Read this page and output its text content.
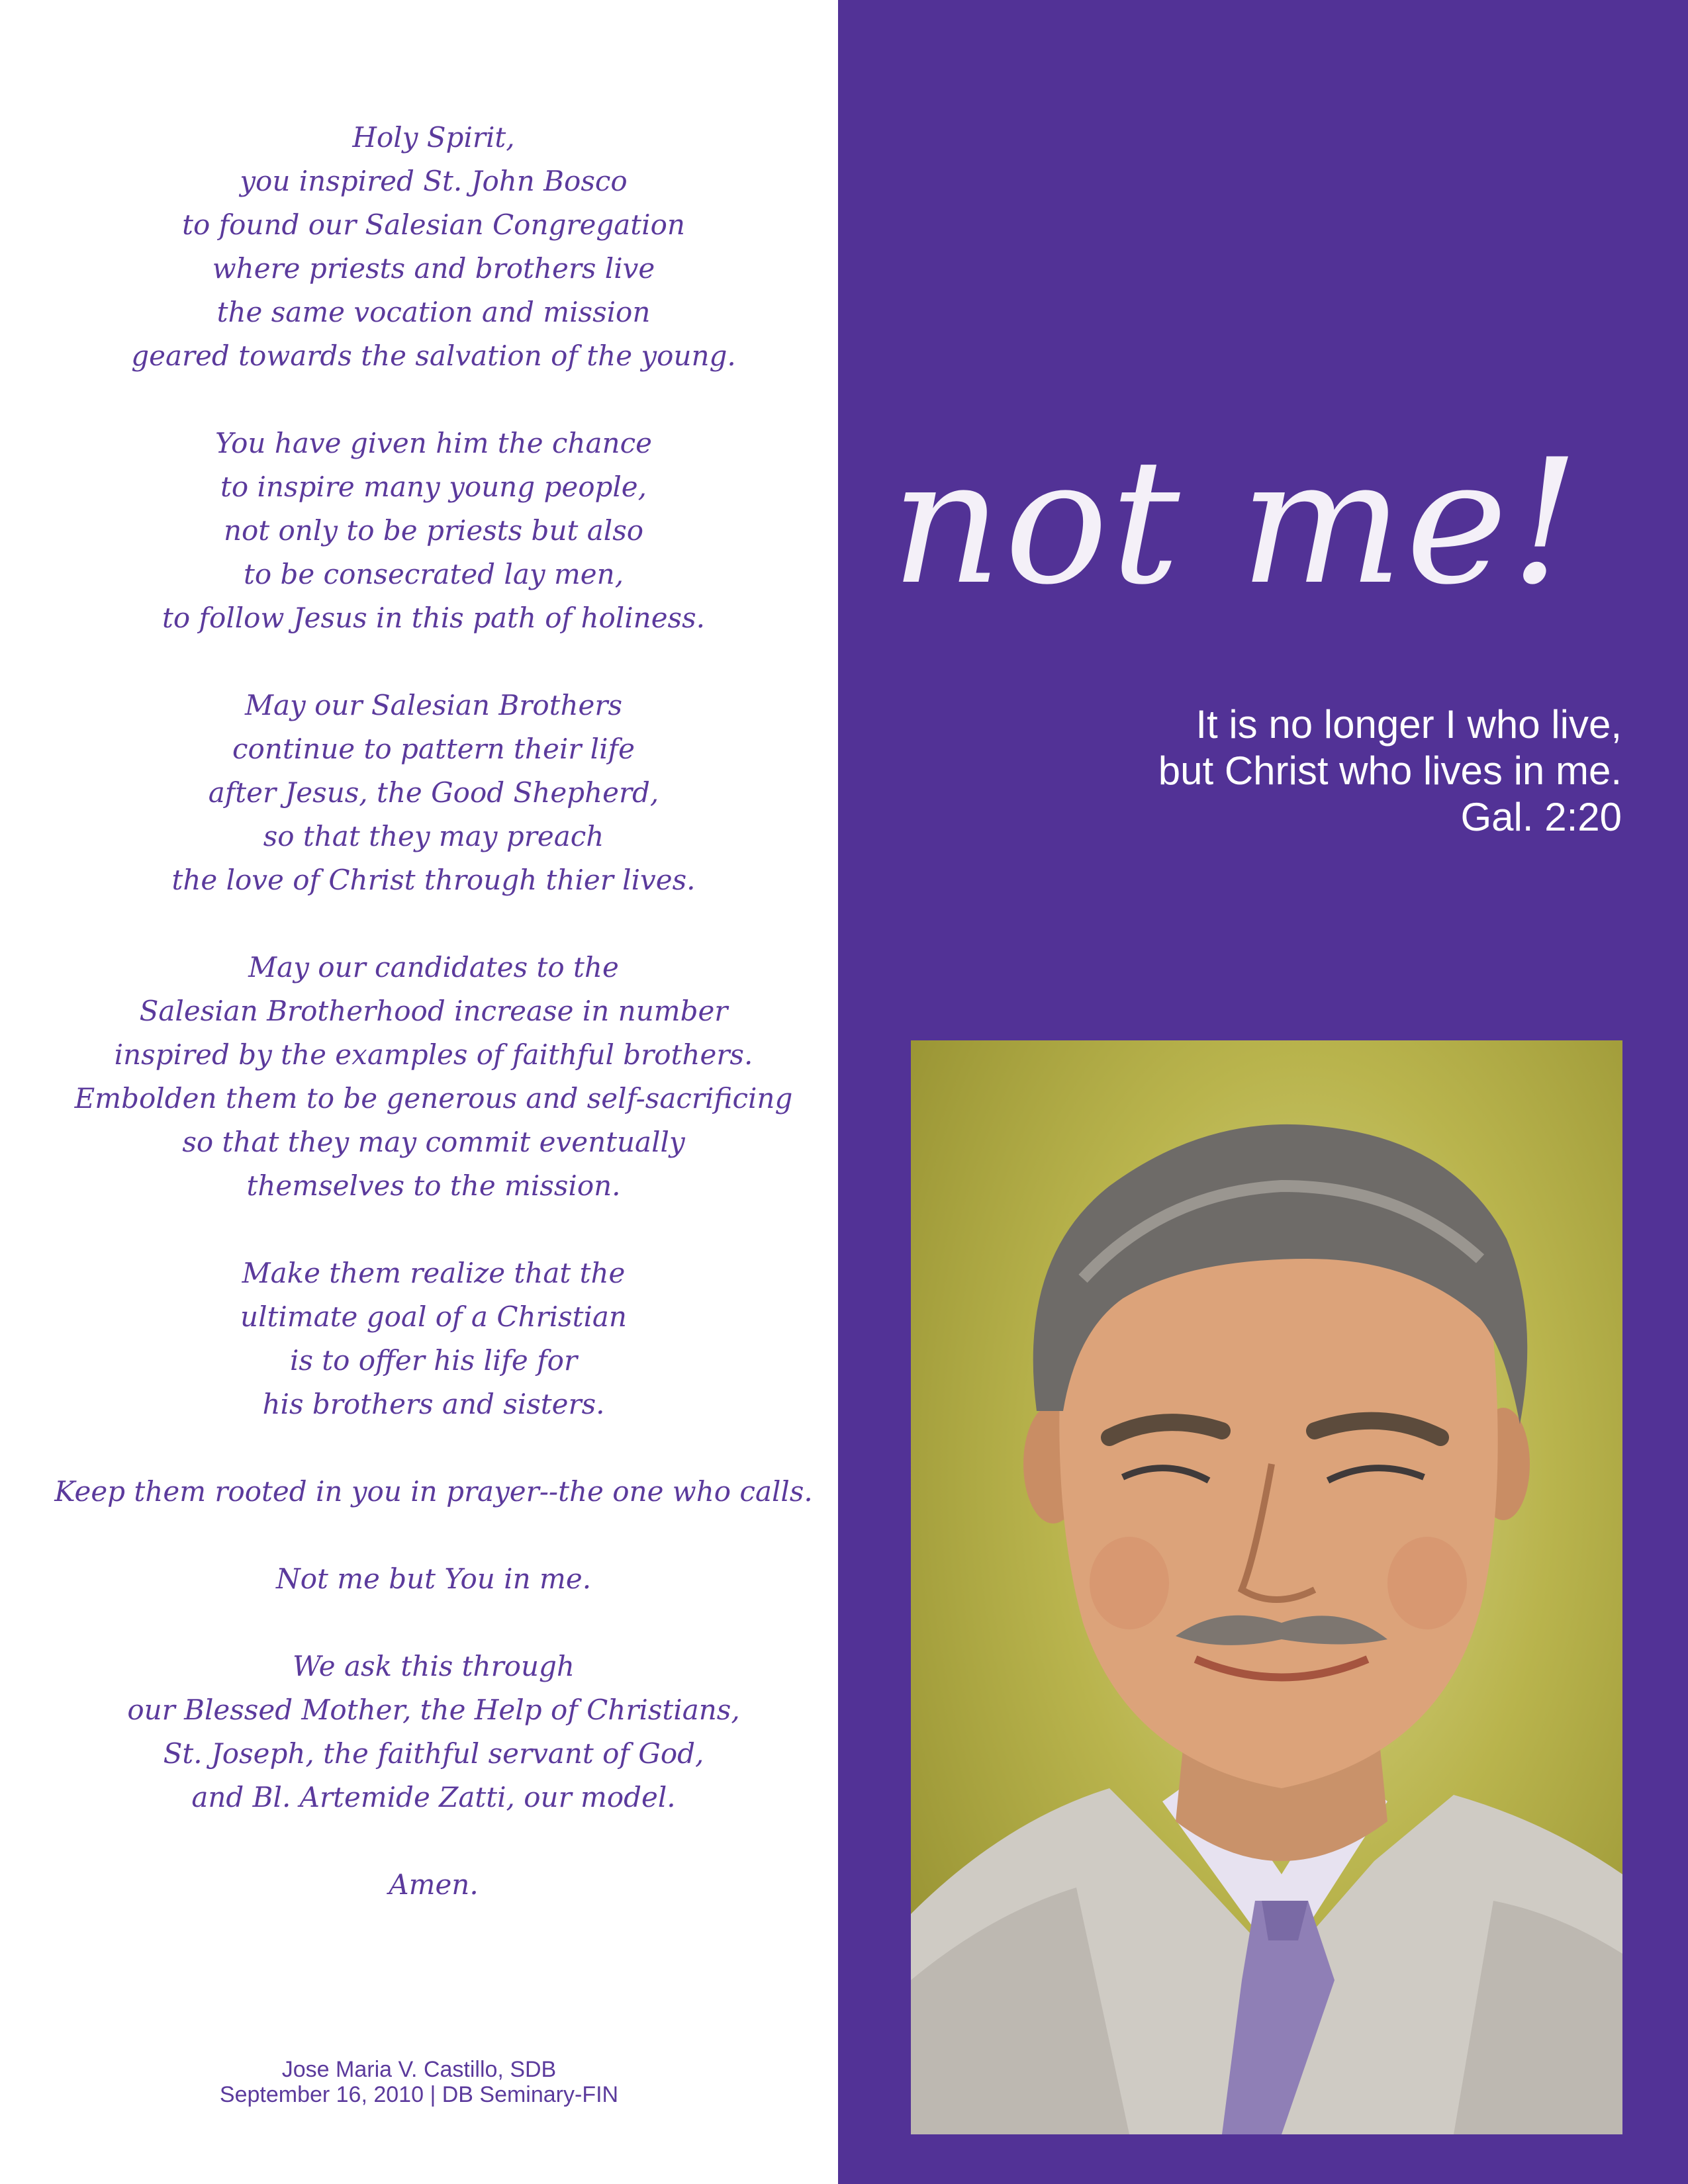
Holy Spirit,
you inspired St. John Bosco
to found our Salesian Congregation
where priests and brothers live
the same vocation and mission
geared towards the salvation of the young.
You have given him the chance
to inspire many young people,
not only to be priests but also
to be consecrated lay men,
to follow Jesus in this path of holiness.
May our Salesian Brothers
continue to pattern their life
after Jesus, the Good Shepherd,
so that they may preach
the love of Christ through thier lives.
May our candidates to the
Salesian Brotherhood increase in number
inspired by the examples of faithful brothers.
Embolden them to be generous and self-sacrificing
so that they may commit eventually
themselves to the mission.
Make them realize that the
ultimate goal of a Christian
is to offer his life for
his brothers and sisters.
Keep them rooted in you in prayer--the one who calls.
Not me but You in me.
We ask this through
our Blessed Mother, the Help of Christians,
St. Joseph, the faithful servant of God,
and Bl. Artemide Zatti, our model.
Amen.
Jose Maria V. Castillo, SDB
September 16, 2010 | DB Seminary-FIN
not me!
It is no longer I who live,
but Christ who lives in me.
Gal. 2:20
